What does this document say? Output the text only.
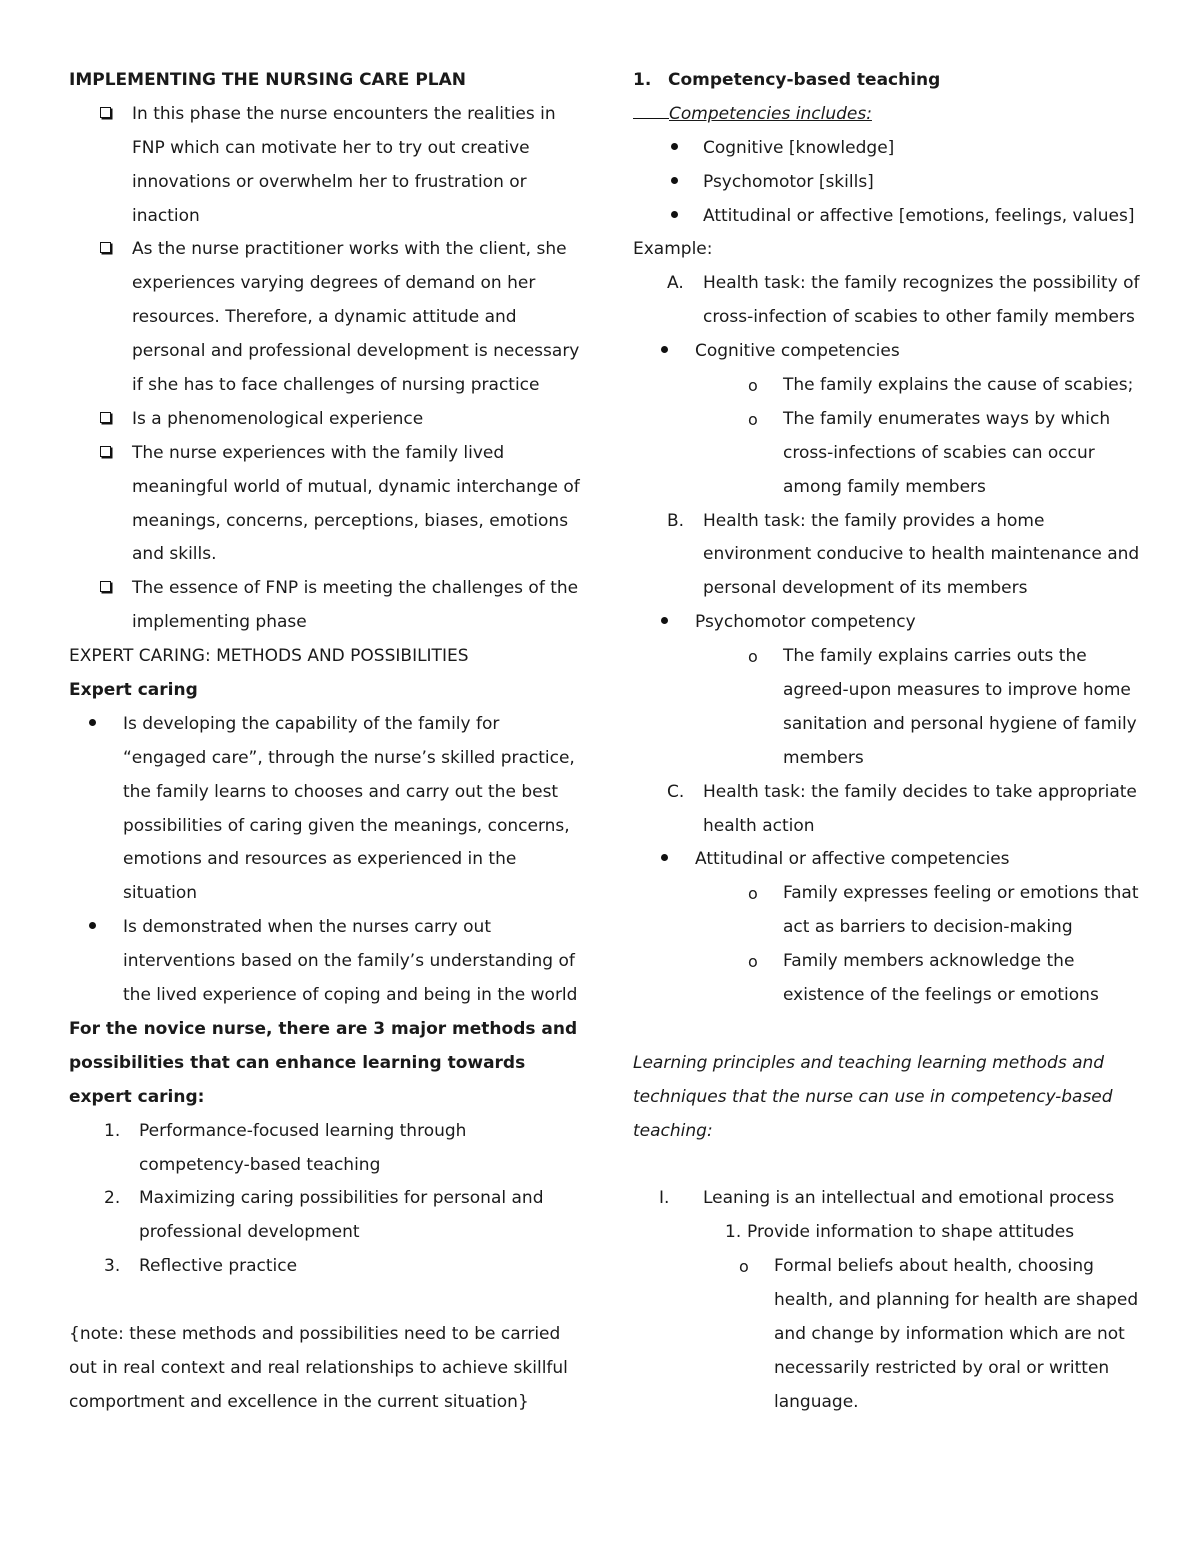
IMPLEMENTING THE NURSING CARE PLAN
In this phase the nurse encounters the realities in
FNP which can motivate her to try out creative
innovations or overwhelm her to frustration or
inaction
As the nurse practitioner works with the client, she
experiences varying degrees of demand on her
resources. Therefore, a dynamic attitude and
personal and professional development is necessary
if she has to face challenges of nursing practice
Is a phenomenological experience
The nurse experiences with the family lived
meaningful world of mutual, dynamic interchange of
meanings, concerns, perceptions, biases, emotions
and skills.
The essence of FNP is meeting the challenges of the
implementing phase
EXPERT CARING: METHODS AND POSSIBILITIES
Expert caring
Is developing the capability of the family for
“engaged care”, through the nurse’s skilled practice,
the family learns to chooses and carry out the best
possibilities of caring given the meanings, concerns,
emotions and resources as experienced in the
situation
Is demonstrated when the nurses carry out
interventions based on the family’s understanding of
the lived experience of coping and being in the world
For the novice nurse, there are 3 major methods and
possibilities that can enhance learning towards
expert caring:
1. Performance-focused learning through
competency-based teaching
2. Maximizing caring possibilities for personal and
professional development
3. Reflective practice
{note: these methods and possibilities need to be carried
out in real context and real relationships to achieve skillful
comportment and excellence in the current situation}
1. Competency-based teaching
Competencies includes:
Cognitive [knowledge]
Psychomotor [skills]
Attitudinal or affective [emotions, feelings, values]
Example:
A. Health task: the family recognizes the possibility of
cross-infection of scabies to other family members
Cognitive competencies
o The family explains the cause of scabies;
o The family enumerates ways by which
cross-infections of scabies can occur
among family members
B. Health task: the family provides a home
environment conducive to health maintenance and
personal development of its members
Psychomotor competency
o The family explains carries outs the
agreed-upon measures to improve home
sanitation and personal hygiene of family
members
C. Health task: the family decides to take appropriate
health action
Attitudinal or affective competencies
o Family expresses feeling or emotions that
act as barriers to decision-making
o Family members acknowledge the
existence of the feelings or emotions
Learning principles and teaching learning methods and
techniques that the nurse can use in competency-based
teaching:
I. Leaning is an intellectual and emotional process
1. Provide information to shape attitudes
o Formal beliefs about health, choosing
health, and planning for health are shaped
and change by information which are not
necessarily restricted by oral or written
language.
